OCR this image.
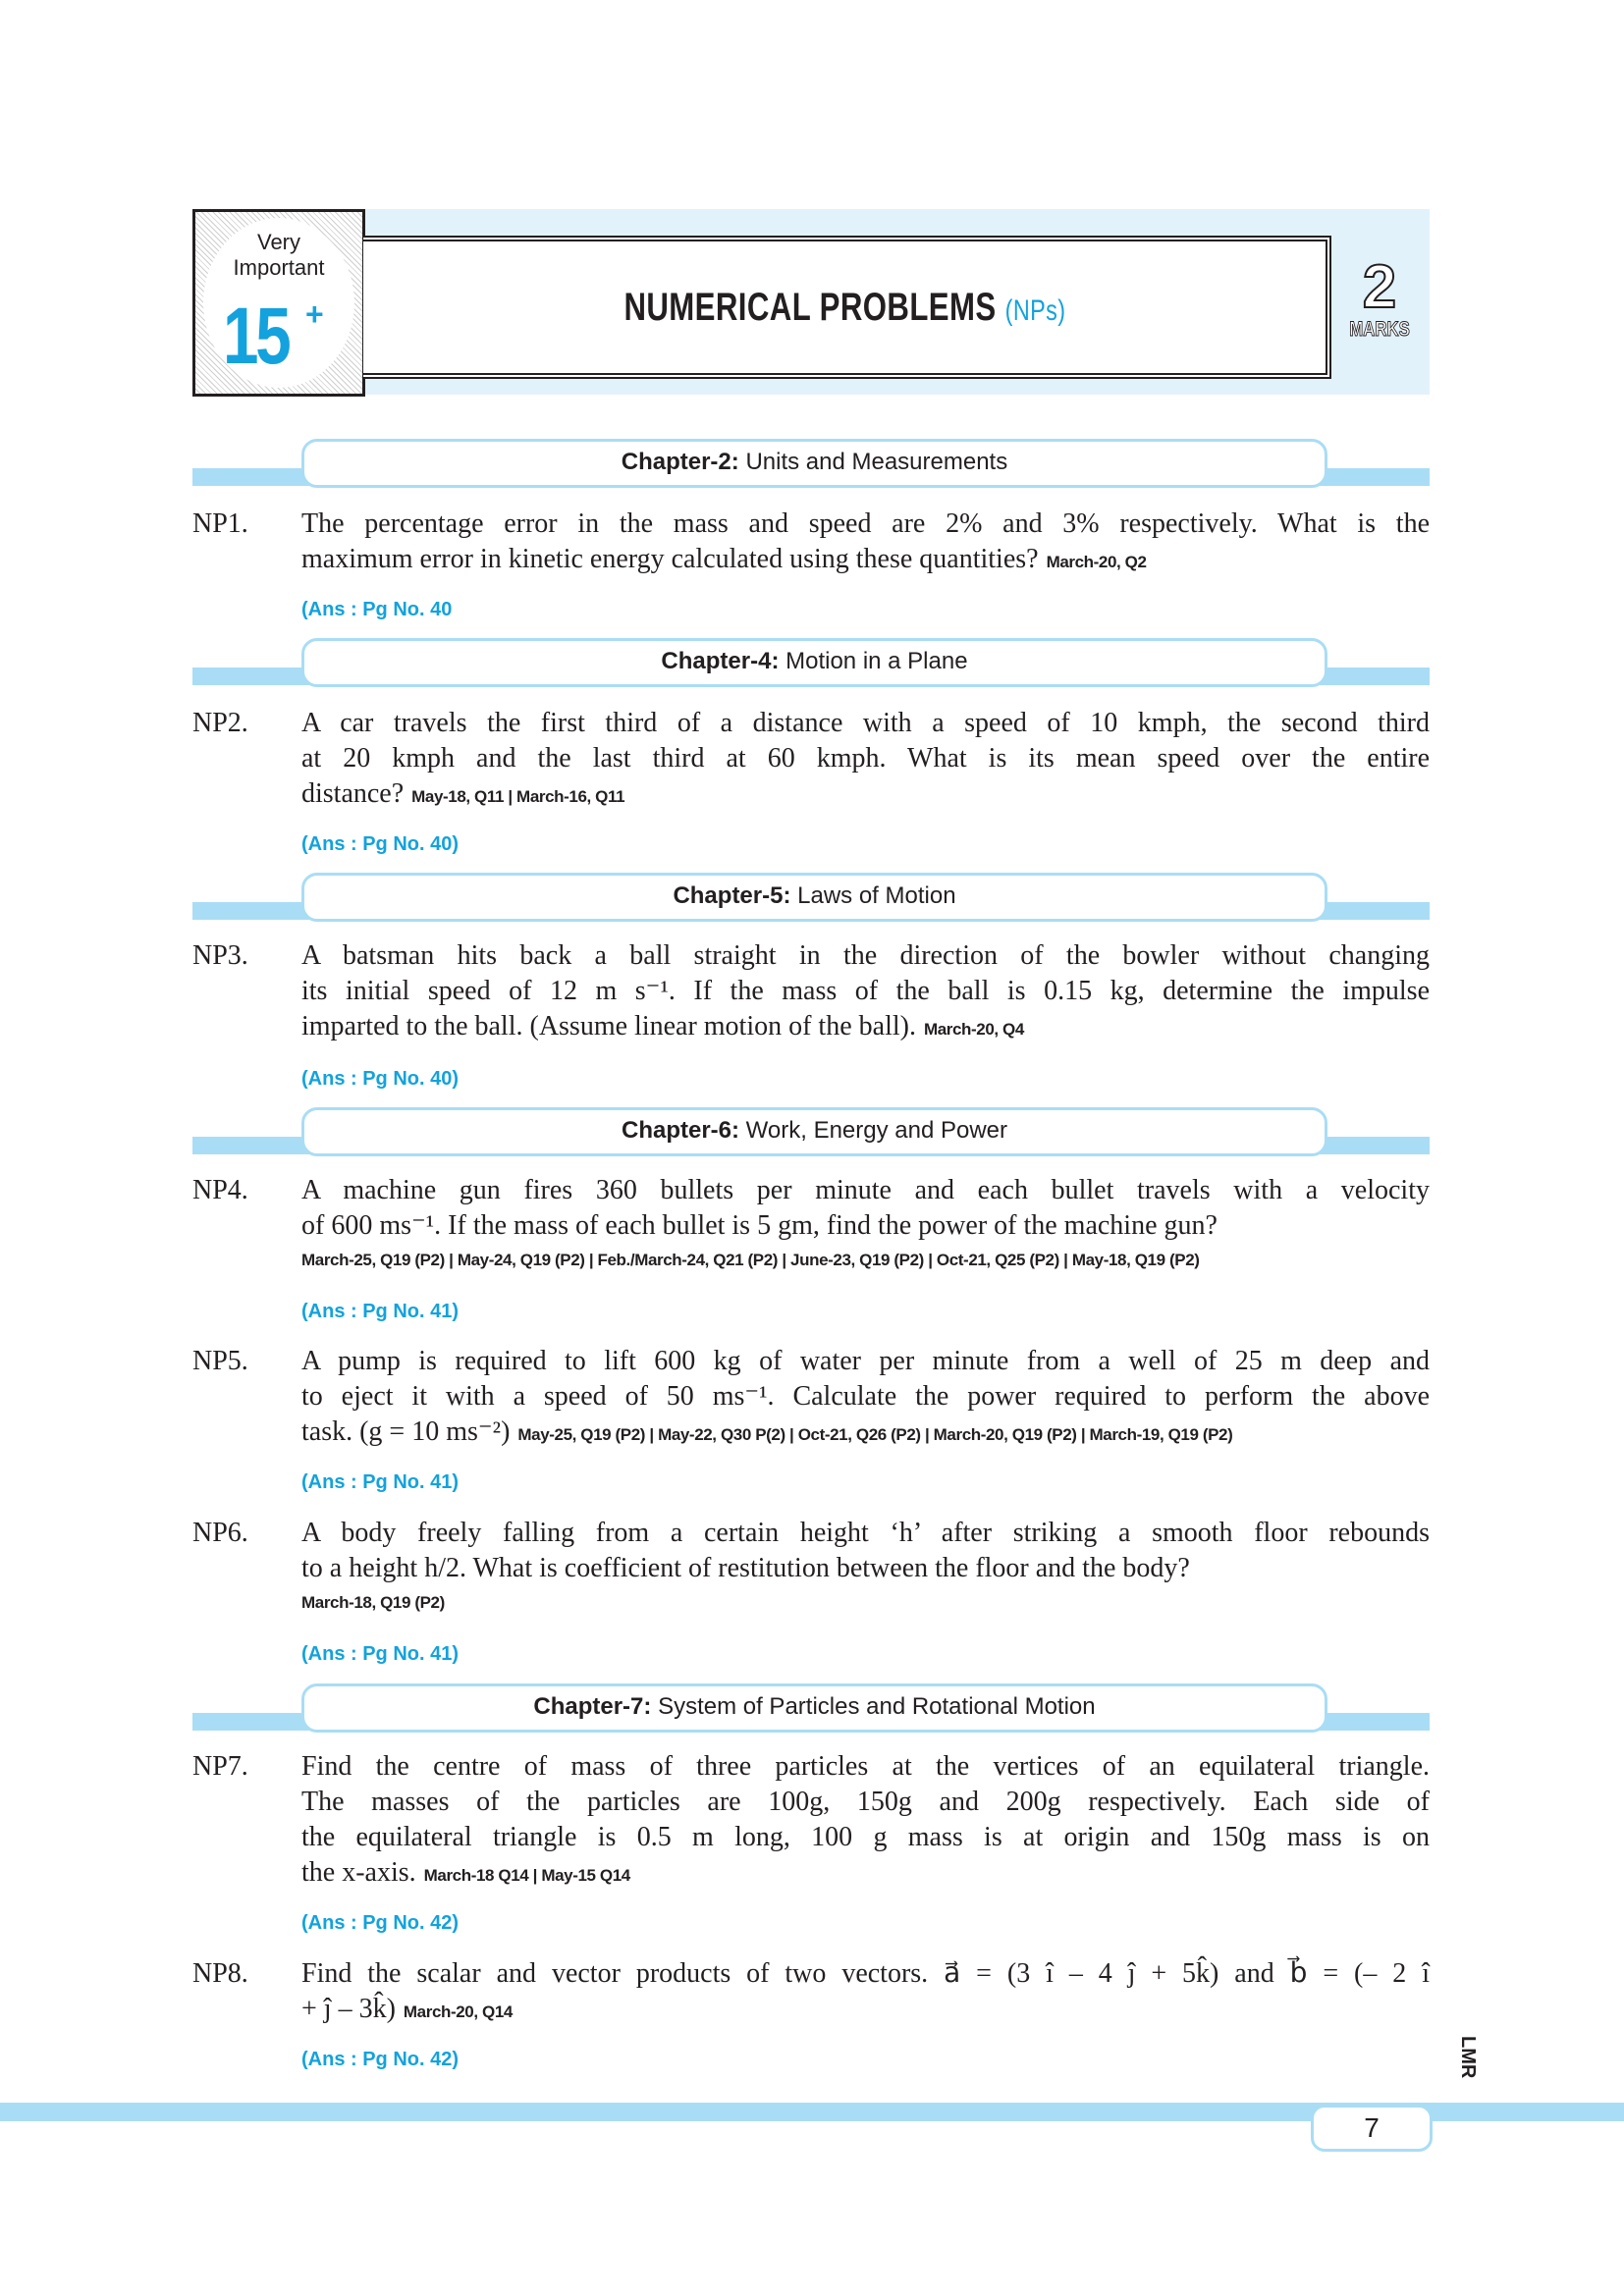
Very
Important
15 +	NUMERICAL PROBLEMS (NPs)	2
MARKS
Chapter-2: Units and Measurements
Chapter-4: Motion in a Plane
Chapter-5: Laws of Motion
Chapter-6: Work, Energy and Power
Chapter-7: System of Particles and Rotational Motion
NP1. The percentage error in the mass and speed are 2% and 3% respectively. What is the
maximum error in kinetic energy calculated using these quantities? March-20, Q2
(Ans : Pg No. 40
NP2. A car travels the first third of a distance with a speed of 10 kmph, the second third
at 20 kmph and the last third at 60 kmph. What is its mean speed over the entire
distance? May-18, Q11 | March-16, Q11
(Ans : Pg No. 40)
NP3. A batsman hits back a ball straight in the direction of the bowler without changing
its initial speed of 12 m s⁻¹. If the mass of the ball is 0.15 kg, determine the impulse
imparted to the ball. (Assume linear motion of the ball). March-20, Q4
(Ans : Pg No. 40)
NP4. A machine gun fires 360 bullets per minute and each bullet travels with a velocity
of 600 ms⁻¹. If the mass of each bullet is 5 gm, find the power of the machine gun?
March-25, Q19 (P2) | May-24, Q19 (P2) | Feb./March-24, Q21 (P2) | June-23, Q19 (P2) | Oct-21, Q25 (P2) | May-18, Q19 (P2)
(Ans : Pg No. 41)
NP5. A pump is required to lift 600 kg of water per minute from a well of 25 m deep and
to eject it with a speed of 50 ms⁻¹. Calculate the power required to perform the above
task. (g = 10 ms⁻²) May-25, Q19 (P2) | May-22, Q30 P(2) | Oct-21, Q26 (P2) | March-20, Q19 (P2) | March-19, Q19 (P2)
(Ans : Pg No. 41)
NP6. A body freely falling from a certain height ‘h’ after striking a smooth floor rebounds
to a height h/2. What is coefficient of restitution between the floor and the body?
March-18, Q19 (P2)
(Ans : Pg No. 41)
NP7. Find the centre of mass of three particles at the vertices of an equilateral triangle.
The masses of the particles are 100g, 150g and 200g respectively. Each side of
the equilateral triangle is 0.5 m long, 100 g mass is at origin and 150g mass is on
the x-axis. March-18 Q14 | May-15 Q14
(Ans : Pg No. 42)
NP8. Find the scalar and vector products of two vectors. a⃗ = (3 î – 4 ĵ + 5k̂) and b⃗ = (– 2 î
+ ĵ – 3k̂) March-20, Q14
(Ans : Pg No. 42)
7
LMR
